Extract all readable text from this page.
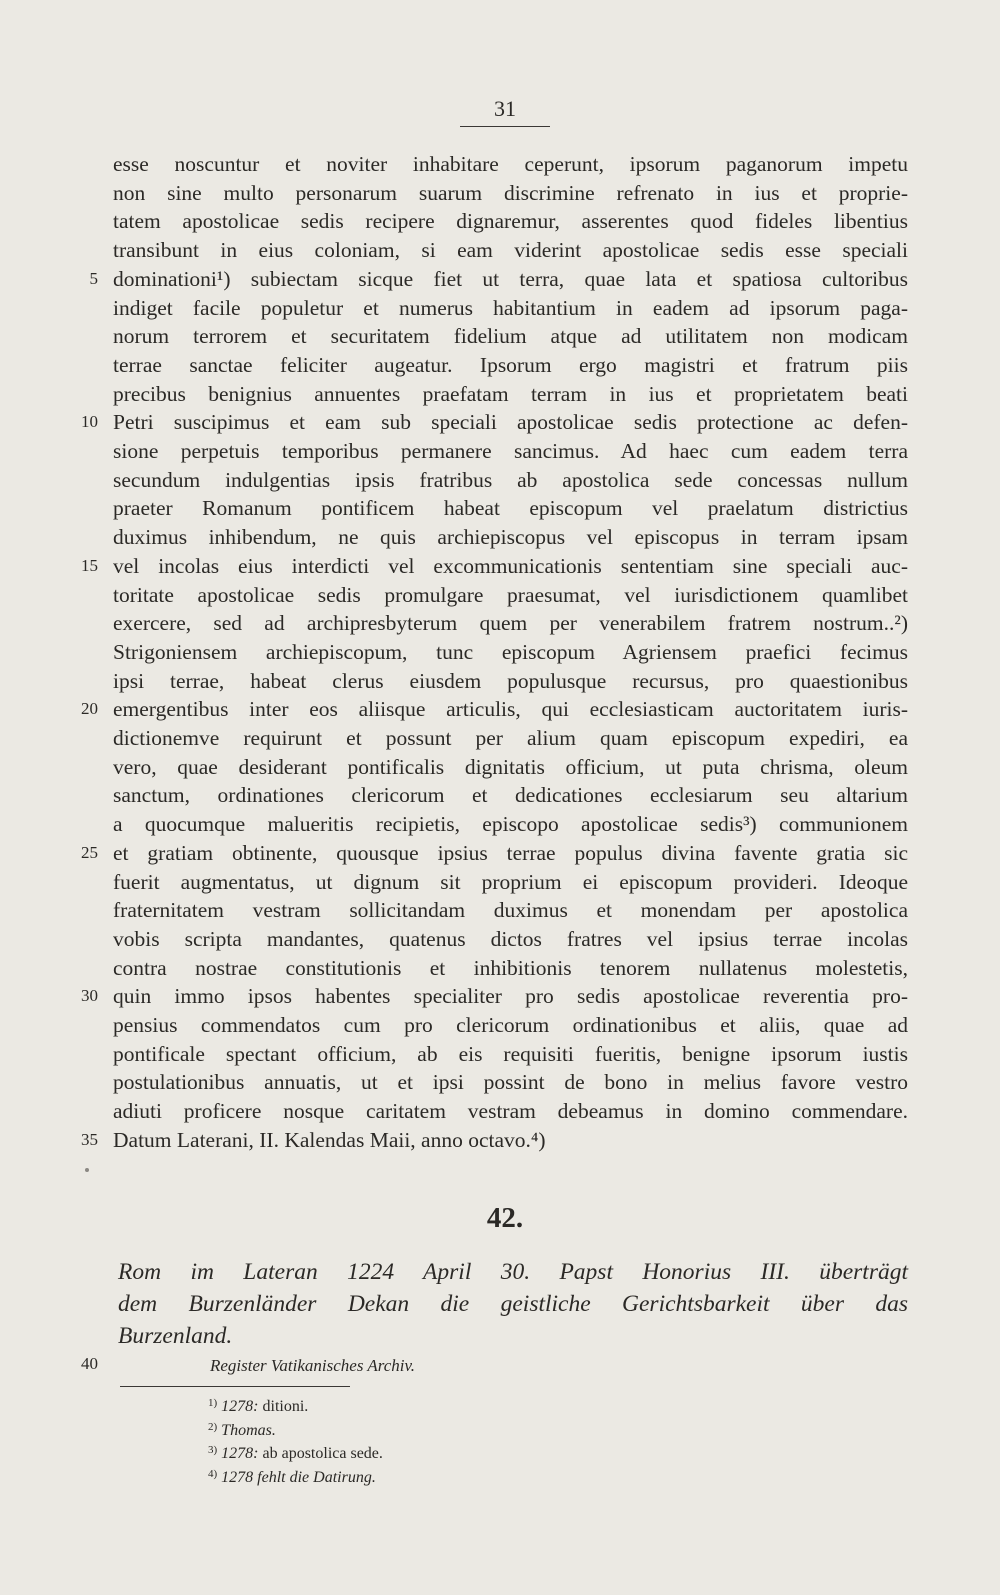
31
esse noscuntur et noviter inhabitare ceperunt, ipsorum paganorum impetu
non sine multo personarum suarum discrimine refrenato in ius et proprie-
tatem apostolicae sedis recipere dignaremur, asserentes quod fideles libentius
transibunt in eius coloniam, si eam viderint apostolicae sedis esse speciali
dominationi¹) subiectam sicque fiet ut terra, quae lata et spatiosa cultoribus
indiget facile populetur et numerus habitantium in eadem ad ipsorum paga-
norum terrorem et securitatem fidelium atque ad utilitatem non modicam
terrae sanctae feliciter augeatur. Ipsorum ergo magistri et fratrum piis
precibus benignius annuentes praefatam terram in ius et proprietatem beati
Petri suscipimus et eam sub speciali apostolicae sedis protectione ac defen-
sione perpetuis temporibus permanere sancimus. Ad haec cum eadem terra
secundum indulgentias ipsis fratribus ab apostolica sede concessas nullum
praeter Romanum pontificem habeat episcopum vel praelatum districtius
duximus inhibendum, ne quis archiepiscopus vel episcopus in terram ipsam
vel incolas eius interdicti vel excommunicationis sententiam sine speciali auc-
toritate apostolicae sedis promulgare praesumat, vel iurisdictionem quamlibet
exercere, sed ad archipresbyterum quem per venerabilem fratrem nostrum..²)
Strigoniensem archiepiscopum, tunc episcopum Agriensem praefici fecimus
ipsi terrae, habeat clerus eiusdem populusque recursus, pro quaestionibus
emergentibus inter eos aliisque articulis, qui ecclesiasticam auctoritatem iuris-
dictionemve requirunt et possunt per alium quam episcopum expediri, ea
vero, quae desiderant pontificalis dignitatis officium, ut puta chrisma, oleum
sanctum, ordinationes clericorum et dedicationes ecclesiarum seu altarium
a quocumque malueritis recipietis, episcopo apostolicae sedis³) communionem
et gratiam obtinente, quousque ipsius terrae populus divina favente gratia sic
fuerit augmentatus, ut dignum sit proprium ei episcopum provideri. Ideoque
fraternitatem vestram sollicitandam duximus et monendam per apostolica
vobis scripta mandantes, quatenus dictos fratres vel ipsius terrae incolas
contra nostrae constitutionis et inhibitionis tenorem nullatenus molestetis,
quin immo ipsos habentes specialiter pro sedis apostolicae reverentia pro-
pensius commendatos cum pro clericorum ordinationibus et aliis, quae ad
pontificale spectant officium, ab eis requisiti fueritis, benigne ipsorum iustis
postulationibus annuatis, ut et ipsi possint de bono in melius favore vestro
adiuti proficere nosque caritatem vestram debeamus in domino commendare.
Datum Laterani, II. Kalendas Maii, anno octavo.⁴)
5
10
15
20
25
30
35
40
42.
Rom im Lateran 1224 April 30. Papst Honorius III. überträgt
dem Burzenländer Dekan die geistliche Gerichtsbarkeit über das
Burzenland.
Register Vatikanisches Archiv.
$^{1)}$ 1278: ditioni.
$^{2)}$ Thomas.
$^{3)}$ 1278: ab apostolica sede.
$^{4)}$ 1278 fehlt die Datirung.
